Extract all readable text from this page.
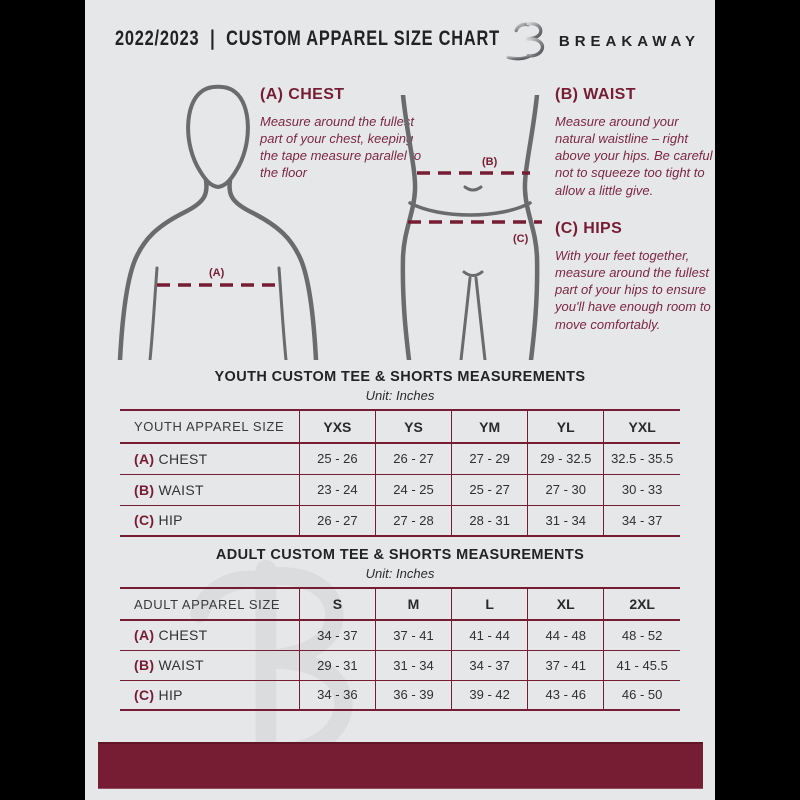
2022/2023 | CUSTOM APPAREL SIZE CHART	BREAKAWAY
(A)
(A) CHEST
Measure around the fullest part of your chest, keeping the tape measure parallel to the floor
(B)
(C)
(B) WAIST
Measure around your natural waistline – right above your hips. Be careful not to squeeze too tight to allow a little give.
(C) HIPS
With your feet together, measure around the fullest part of your hips to ensure you'll have enough room to move comfortably.
YOUTH CUSTOM TEE & SHORTS MEASUREMENTS
Unit: Inches
YOUTH APPAREL SIZE	YXS	YS	YM	YL	YXL
(A) CHEST	25 - 26	26 - 27	27 - 29	29 - 32.5	32.5 - 35.5
(B) WAIST	23 - 24	24 - 25	25 - 27	27 - 30	30 - 33
(C) HIP	26 - 27	27 - 28	28 - 31	31 - 34	34 - 37
ADULT CUSTOM TEE & SHORTS MEASUREMENTS
Unit: Inches
ADULT APPAREL SIZE	S	M	L	XL	2XL
(A) CHEST	34 - 37	37 - 41	41 - 44	44 - 48	48 - 52
(B) WAIST	29 - 31	31 - 34	34 - 37	37 - 41	41 - 45.5
(C) HIP	34 - 36	36 - 39	39 - 42	43 - 46	46 - 50
